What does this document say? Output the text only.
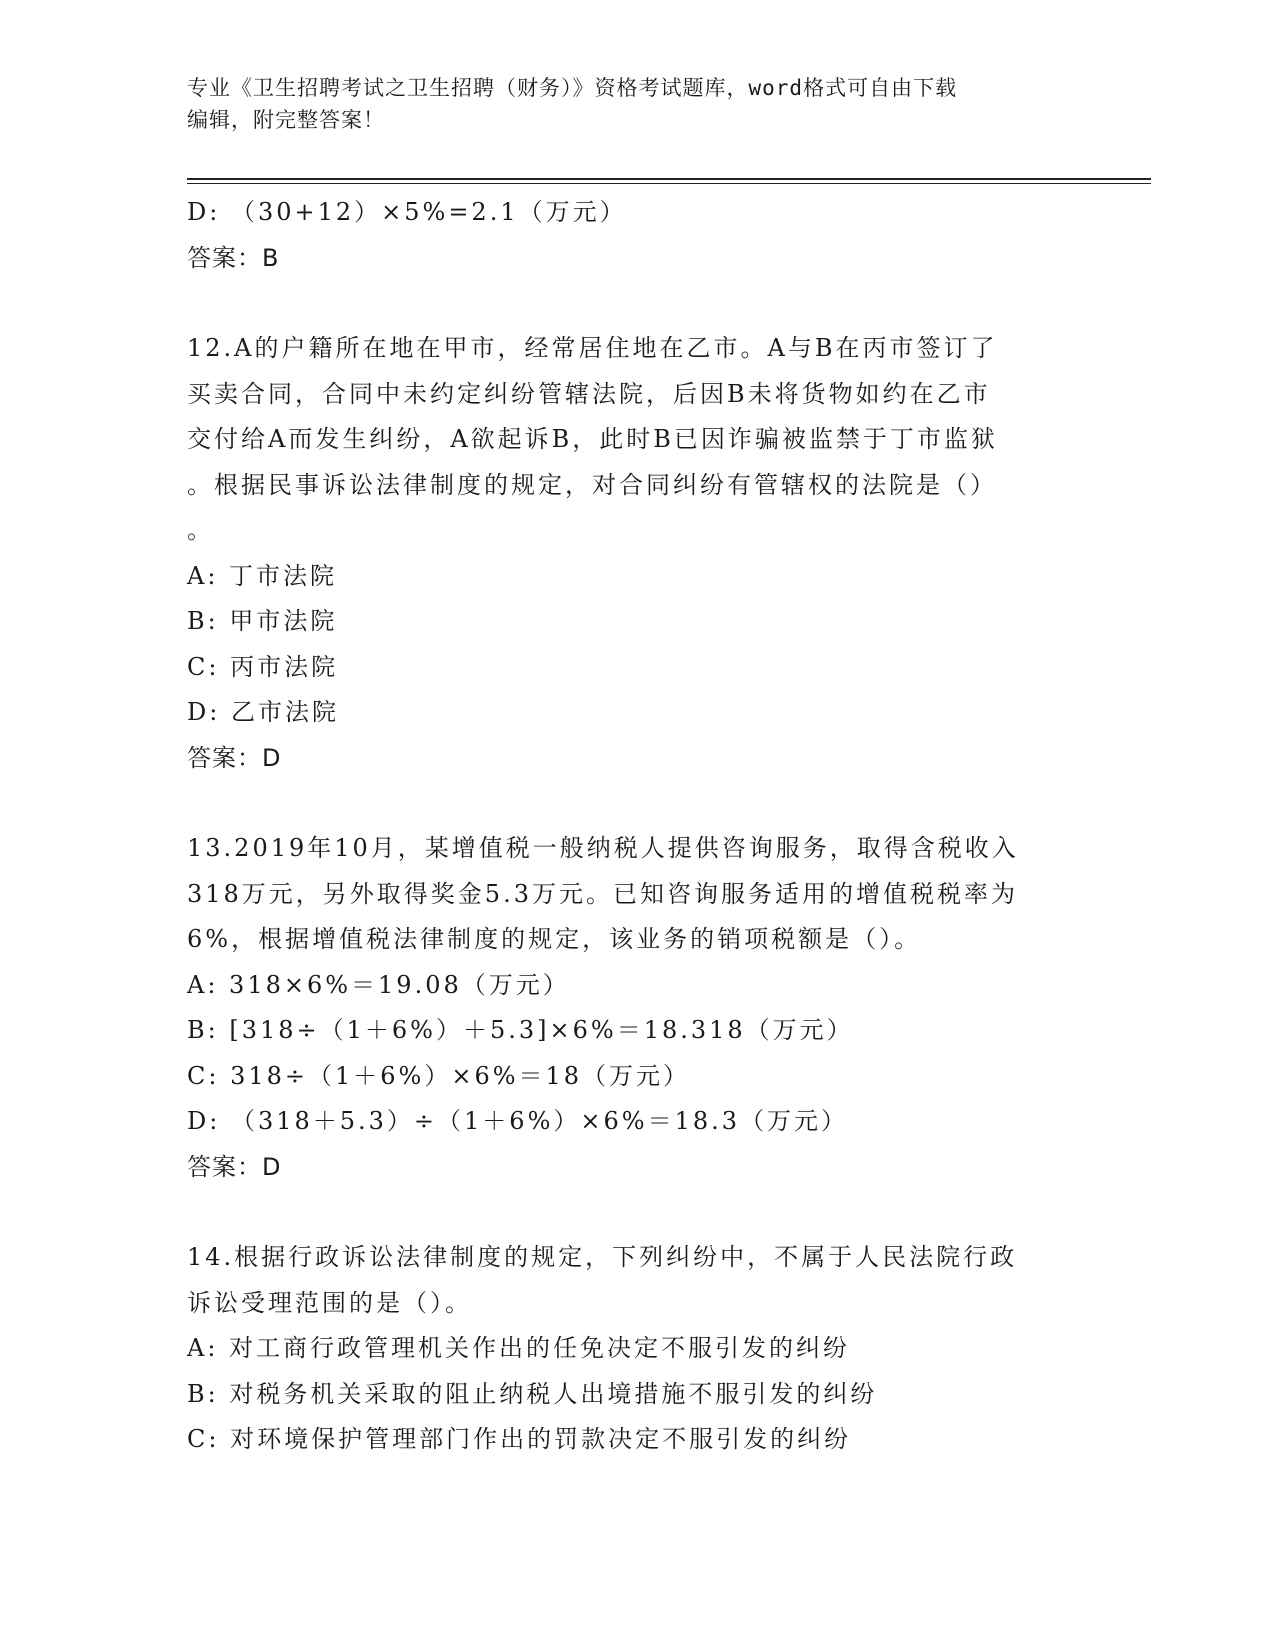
专业《卫生招聘考试之卫生招聘（财务）》资格考试题库，word格式可自由下载
编辑，附完整答案！
D: （30+12）×5%=2.1（万元）
答案：B
12.A的户籍所在地在甲市，经常居住地在乙市。A与B在丙市签订了
买卖合同，合同中未约定纠纷管辖法院，后因B未将货物如约在乙市
交付给A而发生纠纷，A欲起诉B，此时B已因诈骗被监禁于丁市监狱
。根据民事诉讼法律制度的规定，对合同纠纷有管辖权的法院是（）
。
A: 丁市法院
B: 甲市法院
C: 丙市法院
D: 乙市法院
答案：D
13.2019年10月，某增值税一般纳税人提供咨询服务，取得含税收入
318万元，另外取得奖金5.3万元。已知咨询服务适用的增值税税率为
6%，根据增值税法律制度的规定，该业务的销项税额是（）。
A: 318×6%＝19.08（万元）
B: [318÷（1＋6%）＋5.3]×6%＝18.318（万元）
C: 318÷（1＋6%）×6%＝18（万元）
D: （318＋5.3）÷（1＋6%）×6%＝18.3（万元）
答案：D
14.根据行政诉讼法律制度的规定，下列纠纷中，不属于人民法院行政
诉讼受理范围的是（）。
A: 对工商行政管理机关作出的任免决定不服引发的纠纷
B: 对税务机关采取的阻止纳税人出境措施不服引发的纠纷
C: 对环境保护管理部门作出的罚款决定不服引发的纠纷
